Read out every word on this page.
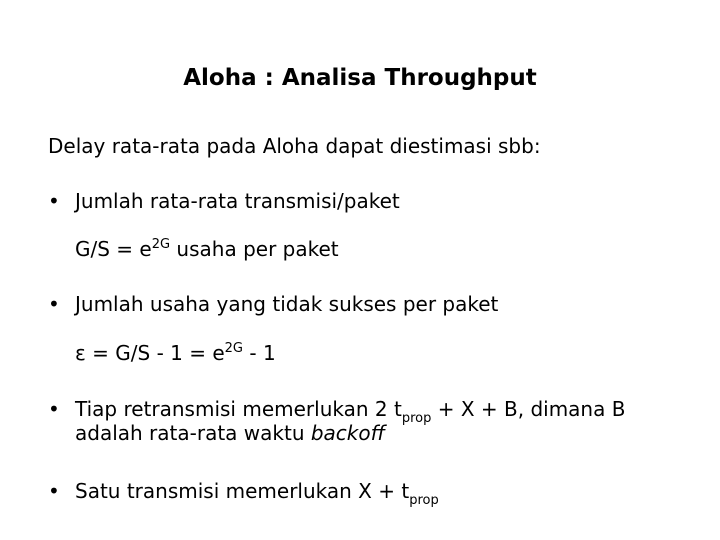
Aloha : Analisa Throughput
Delay rata-rata pada Aloha dapat diestimasi sbb:
• Jumlah rata-rata transmisi/paket
$G/S = e^{2G}$ usaha per paket
• Jumlah usaha yang tidak sukses per paket
$\varepsilon = G/S - 1 = e^{2G} - 1$
• Tiap retransmisi memerlukan 2 $t_{prop} + X + B$, dimana B
adalah rata-rata waktu backoff
• Satu transmisi memerlukan $X + t_{prop}$
